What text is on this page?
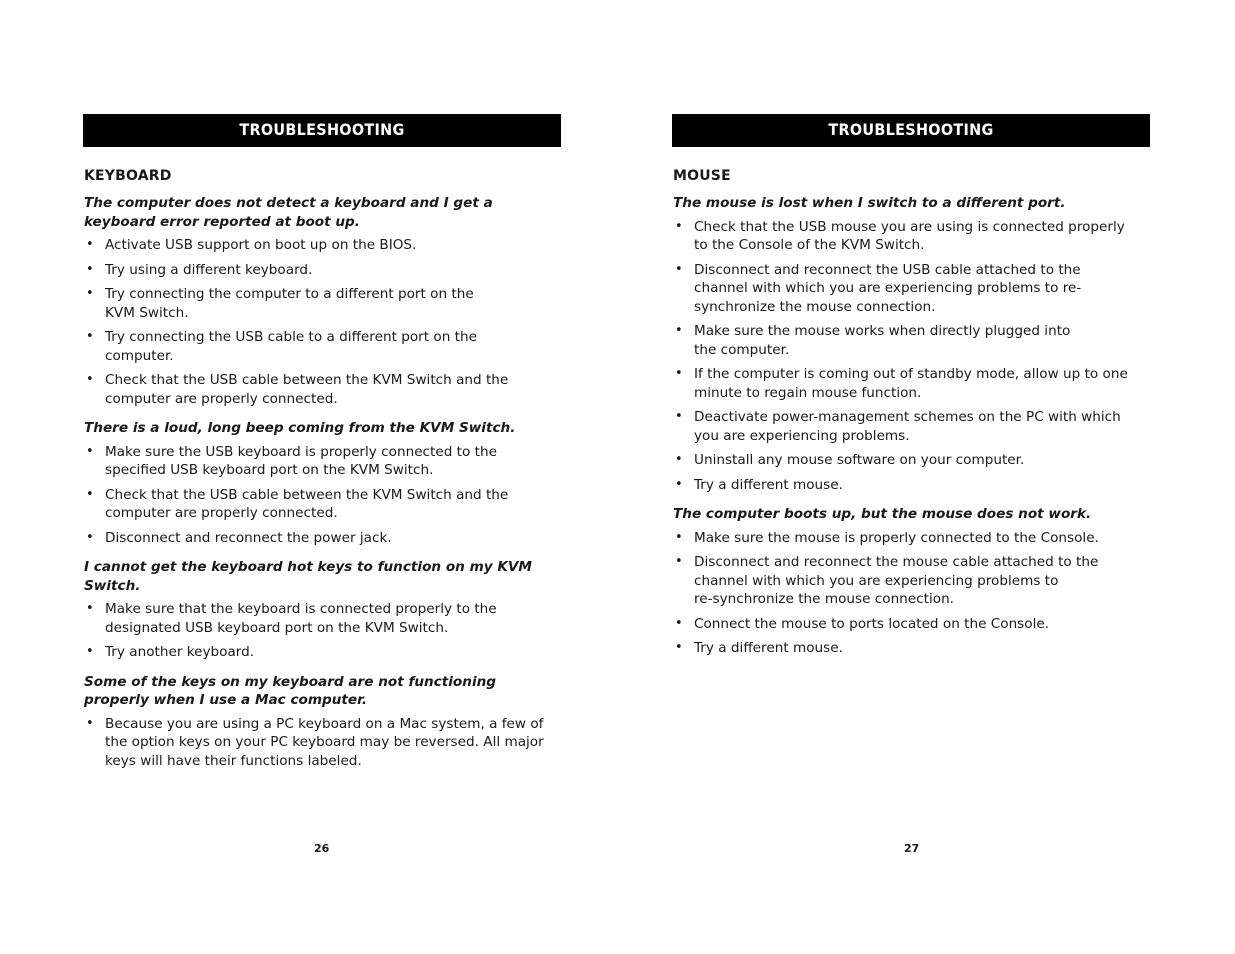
TROUBLESHOOTING
KEYBOARD
The computer does not detect a keyboard and I get a keyboard error reported at boot up.
• Activate USB support on boot up on the BIOS.
• Try using a different keyboard.
• Try connecting the computer to a different port on the
KVM Switch.
• Try connecting the USB cable to a different port on the computer.
• Check that the USB cable between the KVM Switch and the computer are properly connected.
There is a loud, long beep coming from the KVM Switch.
• Make sure the USB keyboard is properly connected to the specified USB keyboard port on the KVM Switch.
• Check that the USB cable between the KVM Switch and the computer are properly connected.
• Disconnect and reconnect the power jack.
I cannot get the keyboard hot keys to function on my KVM Switch.
• Make sure that the keyboard is connected properly to the designated USB keyboard port on the KVM Switch.
• Try another keyboard.
Some of the keys on my keyboard are not functioning properly when I use a Mac computer.
• Because you are using a PC keyboard on a Mac system, a few of the option keys on your PC keyboard may be reversed. All major keys will have their functions labeled.
26
TROUBLESHOOTING
MOUSE
The mouse is lost when I switch to a different port.
• Check that the USB mouse you are using is connected properly to the Console of the KVM Switch.
• Disconnect and reconnect the USB cable attached to the channel with which you are experiencing problems to re-synchronize the mouse connection.
• Make sure the mouse works when directly plugged into
the computer.
• If the computer is coming out of standby mode, allow up to one minute to regain mouse function.
• Deactivate power-management schemes on the PC with which you are experiencing problems.
• Uninstall any mouse software on your computer.
• Try a different mouse.
The computer boots up, but the mouse does not work.
• Make sure the mouse is properly connected to the Console.
• Disconnect and reconnect the mouse cable attached to the channel with which you are experiencing problems to
re-synchronize the mouse connection.
• Connect the mouse to ports located on the Console.
• Try a different mouse.
27
